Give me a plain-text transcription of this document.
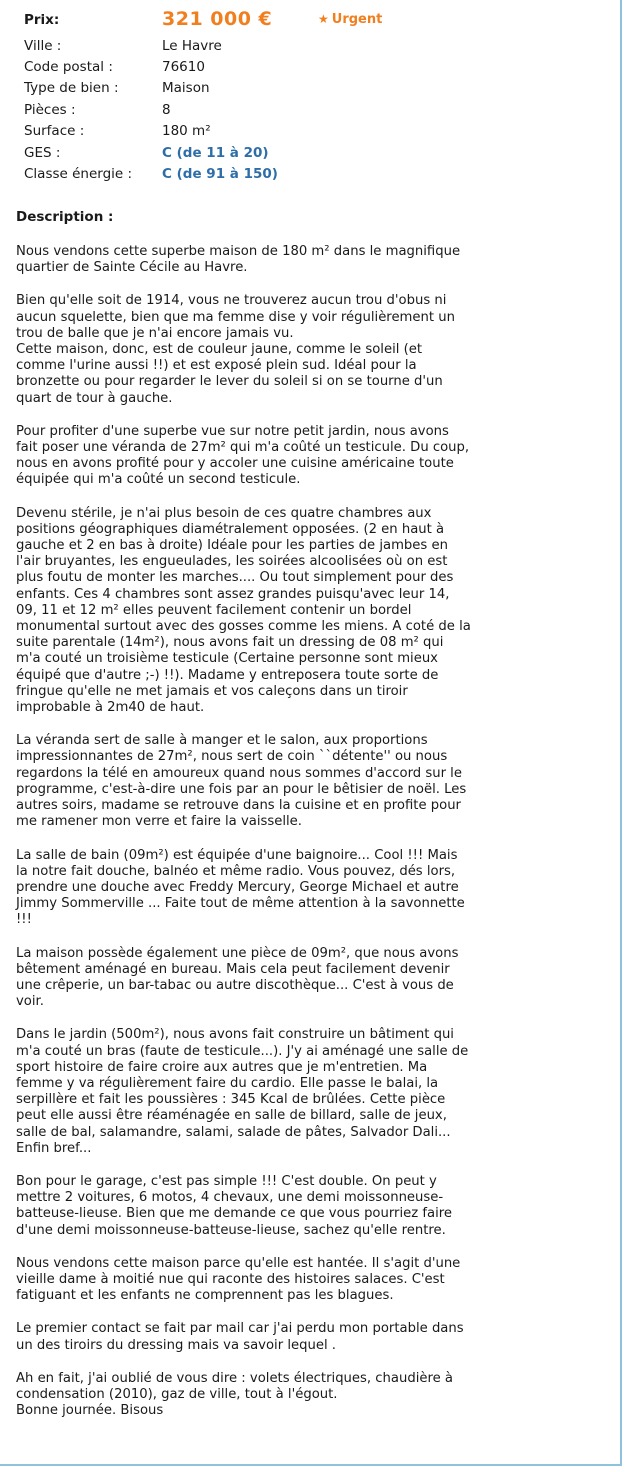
Prix:	321 000 €	★ Urgent
Ville :	Le Havre
Code postal :	76610
Type de bien :	Maison
Pièces :	8
Surface :	180 m²
GES :	C (de 11 à 20)
Classe énergie : C (de 91 à 150)
Description :

Nous vendons cette superbe maison de 180 m² dans le magnifique
quartier de Sainte Cécile au Havre.

Bien qu'elle soit de 1914, vous ne trouverez aucun trou d'obus ni
aucun squelette, bien que ma femme dise y voir régulièrement un
trou de balle que je n'ai encore jamais vu.
Cette maison, donc, est de couleur jaune, comme le soleil (et
comme l'urine aussi !!) et est exposé plein sud. Idéal pour la
bronzette ou pour regarder le lever du soleil si on se tourne d'un
quart de tour à gauche.

Pour profiter d'une superbe vue sur notre petit jardin, nous avons
fait poser une véranda de 27m² qui m'a coûté un testicule. Du coup,
nous en avons profité pour y accoler une cuisine américaine toute
équipée qui m'a coûté un second testicule.

Devenu stérile, je n'ai plus besoin de ces quatre chambres aux
positions géographiques diamétralement opposées. (2 en haut à
gauche et 2 en bas à droite) Idéale pour les parties de jambes en
l'air bruyantes, les engueulades, les soirées alcoolisées où on est
plus foutu de monter les marches.... Ou tout simplement pour des
enfants. Ces 4 chambres sont assez grandes puisqu'avec leur 14,
09, 11 et 12 m² elles peuvent facilement contenir un bordel
monumental surtout avec des gosses comme les miens. A coté de la
suite parentale (14m²), nous avons fait un dressing de 08 m² qui
m'a couté un troisième testicule (Certaine personne sont mieux
équipé que d'autre ;-) !!). Madame y entreposera toute sorte de
fringue qu'elle ne met jamais et vos caleçons dans un tiroir
improbable à 2m40 de haut.

La véranda sert de salle à manger et le salon, aux proportions
impressionnantes de 27m², nous sert de coin ``détente'' ou nous
regardons la télé en amoureux quand nous sommes d'accord sur le
programme, c'est-à-dire une fois par an pour le bêtisier de noël. Les
autres soirs, madame se retrouve dans la cuisine et en profite pour
me ramener mon verre et faire la vaisselle.

La salle de bain (09m²) est équipée d'une baignoire... Cool !!! Mais
la notre fait douche, balnéo et même radio. Vous pouvez, dés lors,
prendre une douche avec Freddy Mercury, George Michael et autre
Jimmy Sommerville ... Faite tout de même attention à la savonnette
!!!

La maison possède également une pièce de 09m², que nous avons
bêtement aménagé en bureau. Mais cela peut facilement devenir
une crêperie, un bar-tabac ou autre discothèque... C'est à vous de
voir.

Dans le jardin (500m²), nous avons fait construire un bâtiment qui
m'a couté un bras (faute de testicule...). J'y ai aménagé une salle de
sport histoire de faire croire aux autres que je m'entretien. Ma
femme y va régulièrement faire du cardio. Elle passe le balai, la
serpillère et fait les poussières : 345 Kcal de brûlées. Cette pièce
peut elle aussi être réaménagée en salle de billard, salle de jeux,
salle de bal, salamandre, salami, salade de pâtes, Salvador Dali...
Enfin bref...

Bon pour le garage, c'est pas simple !!! C'est double. On peut y
mettre 2 voitures, 6 motos, 4 chevaux, une demi moissonneuse-
batteuse-lieuse. Bien que me demande ce que vous pourriez faire
d'une demi moissonneuse-batteuse-lieuse, sachez qu'elle rentre.

Nous vendons cette maison parce qu'elle est hantée. Il s'agit d'une
vieille dame à moitié nue qui raconte des histoires salaces. C'est
fatiguant et les enfants ne comprennent pas les blagues.

Le premier contact se fait par mail car j'ai perdu mon portable dans
un des tiroirs du dressing mais va savoir lequel .

Ah en fait, j'ai oublié de vous dire : volets électriques, chaudière à
condensation (2010), gaz de ville, tout à l'égout.
Bonne journée. Bisous
